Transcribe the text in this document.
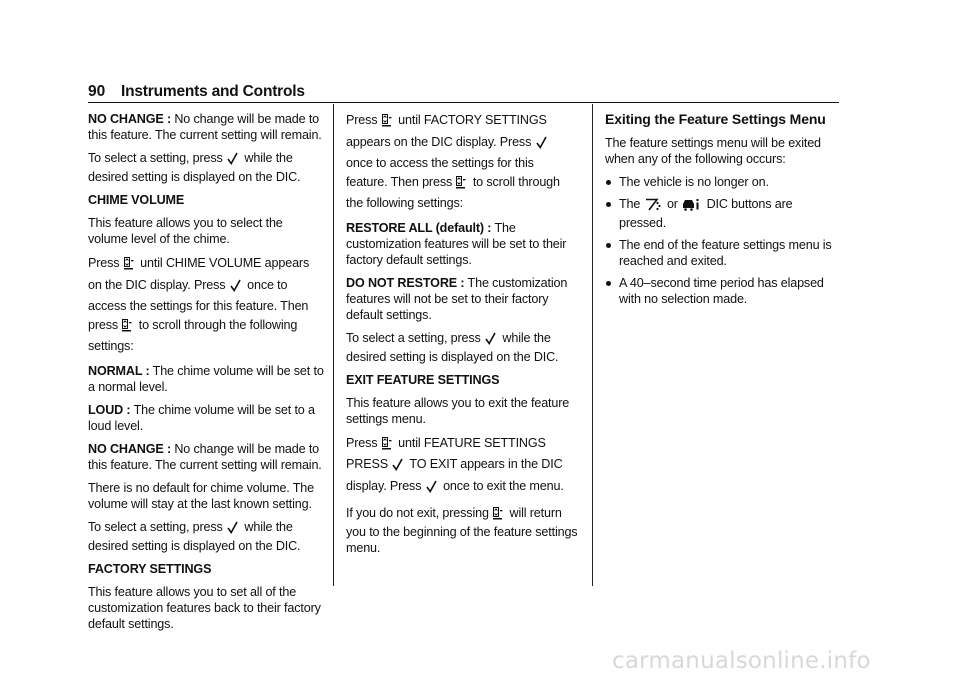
90 Instruments and Controls

NO CHANGE : No change will be made to this feature. The current setting will remain.

To select a setting, press  while the desired setting is displayed on the DIC.

CHIME VOLUME

This feature allows you to select the volume level of the chime.

Press  until CHIME VOLUME appears on the DIC display. Press  once to access the settings for this feature. Then press  to scroll through the following settings:

NORMAL : The chime volume will be set to a normal level.

LOUD : The chime volume will be set to a loud level.

NO CHANGE : No change will be made to this feature. The current setting will remain.

There is no default for chime volume. The volume will stay at the last known setting.

To select a setting, press  while the desired setting is displayed on the DIC.

FACTORY SETTINGS

This feature allows you to set all of the customization features back to their factory default settings.

Press  until FACTORY SETTINGS appears on the DIC display. Press  once to access the settings for this feature. Then press  to scroll through the following settings:

RESTORE ALL (default) : The customization features will be set to their factory default settings.

DO NOT RESTORE : The customization features will not be set to their factory default settings.

To select a setting, press  while the desired setting is displayed on the DIC.

EXIT FEATURE SETTINGS

This feature allows you to exit the feature settings menu.

Press  until FEATURE SETTINGS PRESS  TO EXIT appears in the DIC display. Press  once to exit the menu.

If you do not exit, pressing  will return you to the beginning of the feature settings menu.

Exiting the Feature Settings Menu

The feature settings menu will be exited when any of the following occurs:

The vehicle is no longer on.
The  or  DIC buttons are pressed.
The end of the feature settings menu is reached and exited.
A 40–second time period has elapsed with no selection made.
carmanualsonline.info
